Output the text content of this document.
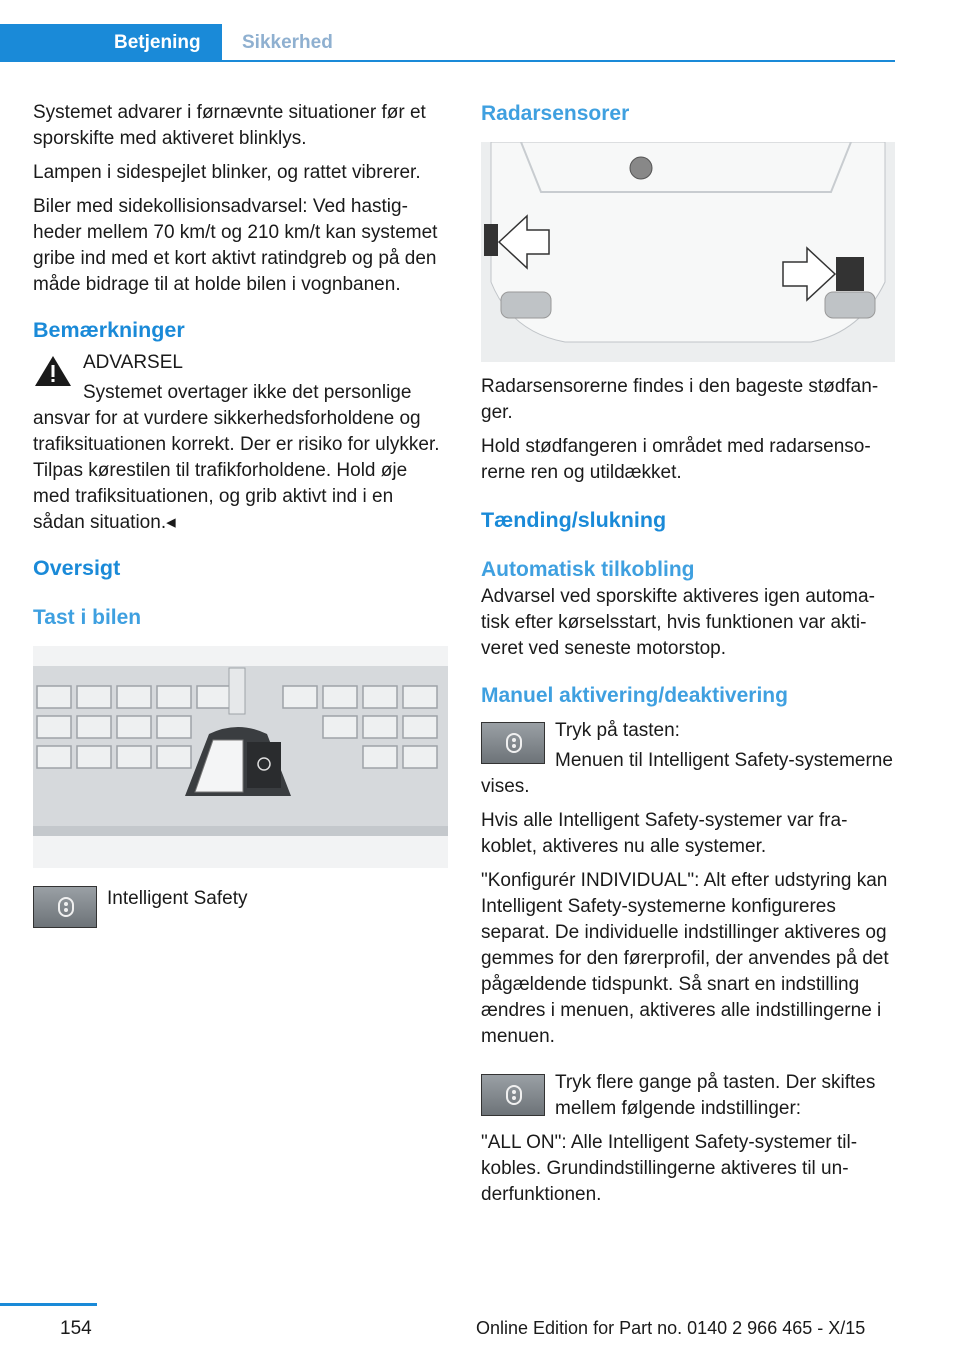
Betjening	Sikkerhed

Systemet advarer i førnævnte situationer før et sporskifte med aktiveret blinklys.

Lampen i sidespejlet blinker, og rattet vibrerer.

Biler med sidekollisionsadvarsel: Ved hastigheder mellem 70 km/t og 210 km/t kan systemet gribe ind med et kort aktivt ratindgreb og på den måde bidrage til at holde bilen i vognbanen.

Bemærkninger

ADVARSEL

Systemet overtager ikke det personlige ansvar for at vurdere sikkerhedsforholdene og trafiksituationen korrekt. Der er risiko for ulykker. Tilpas kørestilen til trafikforholdene. Hold øje med trafiksituationen, og grib aktivt ind i en sådan situation.◂

Oversigt
Tast i bilen

Intelligent Safety

Radarsensorer

Radarsensorerne findes i den bageste stødfanger.

Hold stødfangeren i området med radarsensorerne ren og utildækket.

Tænding/slukning
Automatisk tilkobling

Advarsel ved sporskifte aktiveres igen automatisk efter kørselsstart, hvis funktionen var aktiveret ved seneste motorstop.

Manuel aktivering/deaktivering

Tryk på tasten:

Menuen til Intelligent Safety-systemerne vises.

Hvis alle Intelligent Safety-systemer var frakoblet, aktiveres nu alle systemer.

"Konfigurér INDIVIDUAL": Alt efter udstyring kan Intelligent Safety-systemerne konfigureres separat. De individuelle indstillinger aktiveres og gemmes for den førerprofil, der anvendes på det pågældende tidspunkt. Så snart en indstilling ændres i menuen, aktiveres alle indstillingerne i menuen.

Tryk flere gange på tasten. Der skiftes mellem følgende indstillinger:

"ALL ON": Alle Intelligent Safety-systemer tilkobles. Grundindstillingerne aktiveres til underfunktionen.

154	Online Edition for Part no. 0140 2 966 465 - X/15
